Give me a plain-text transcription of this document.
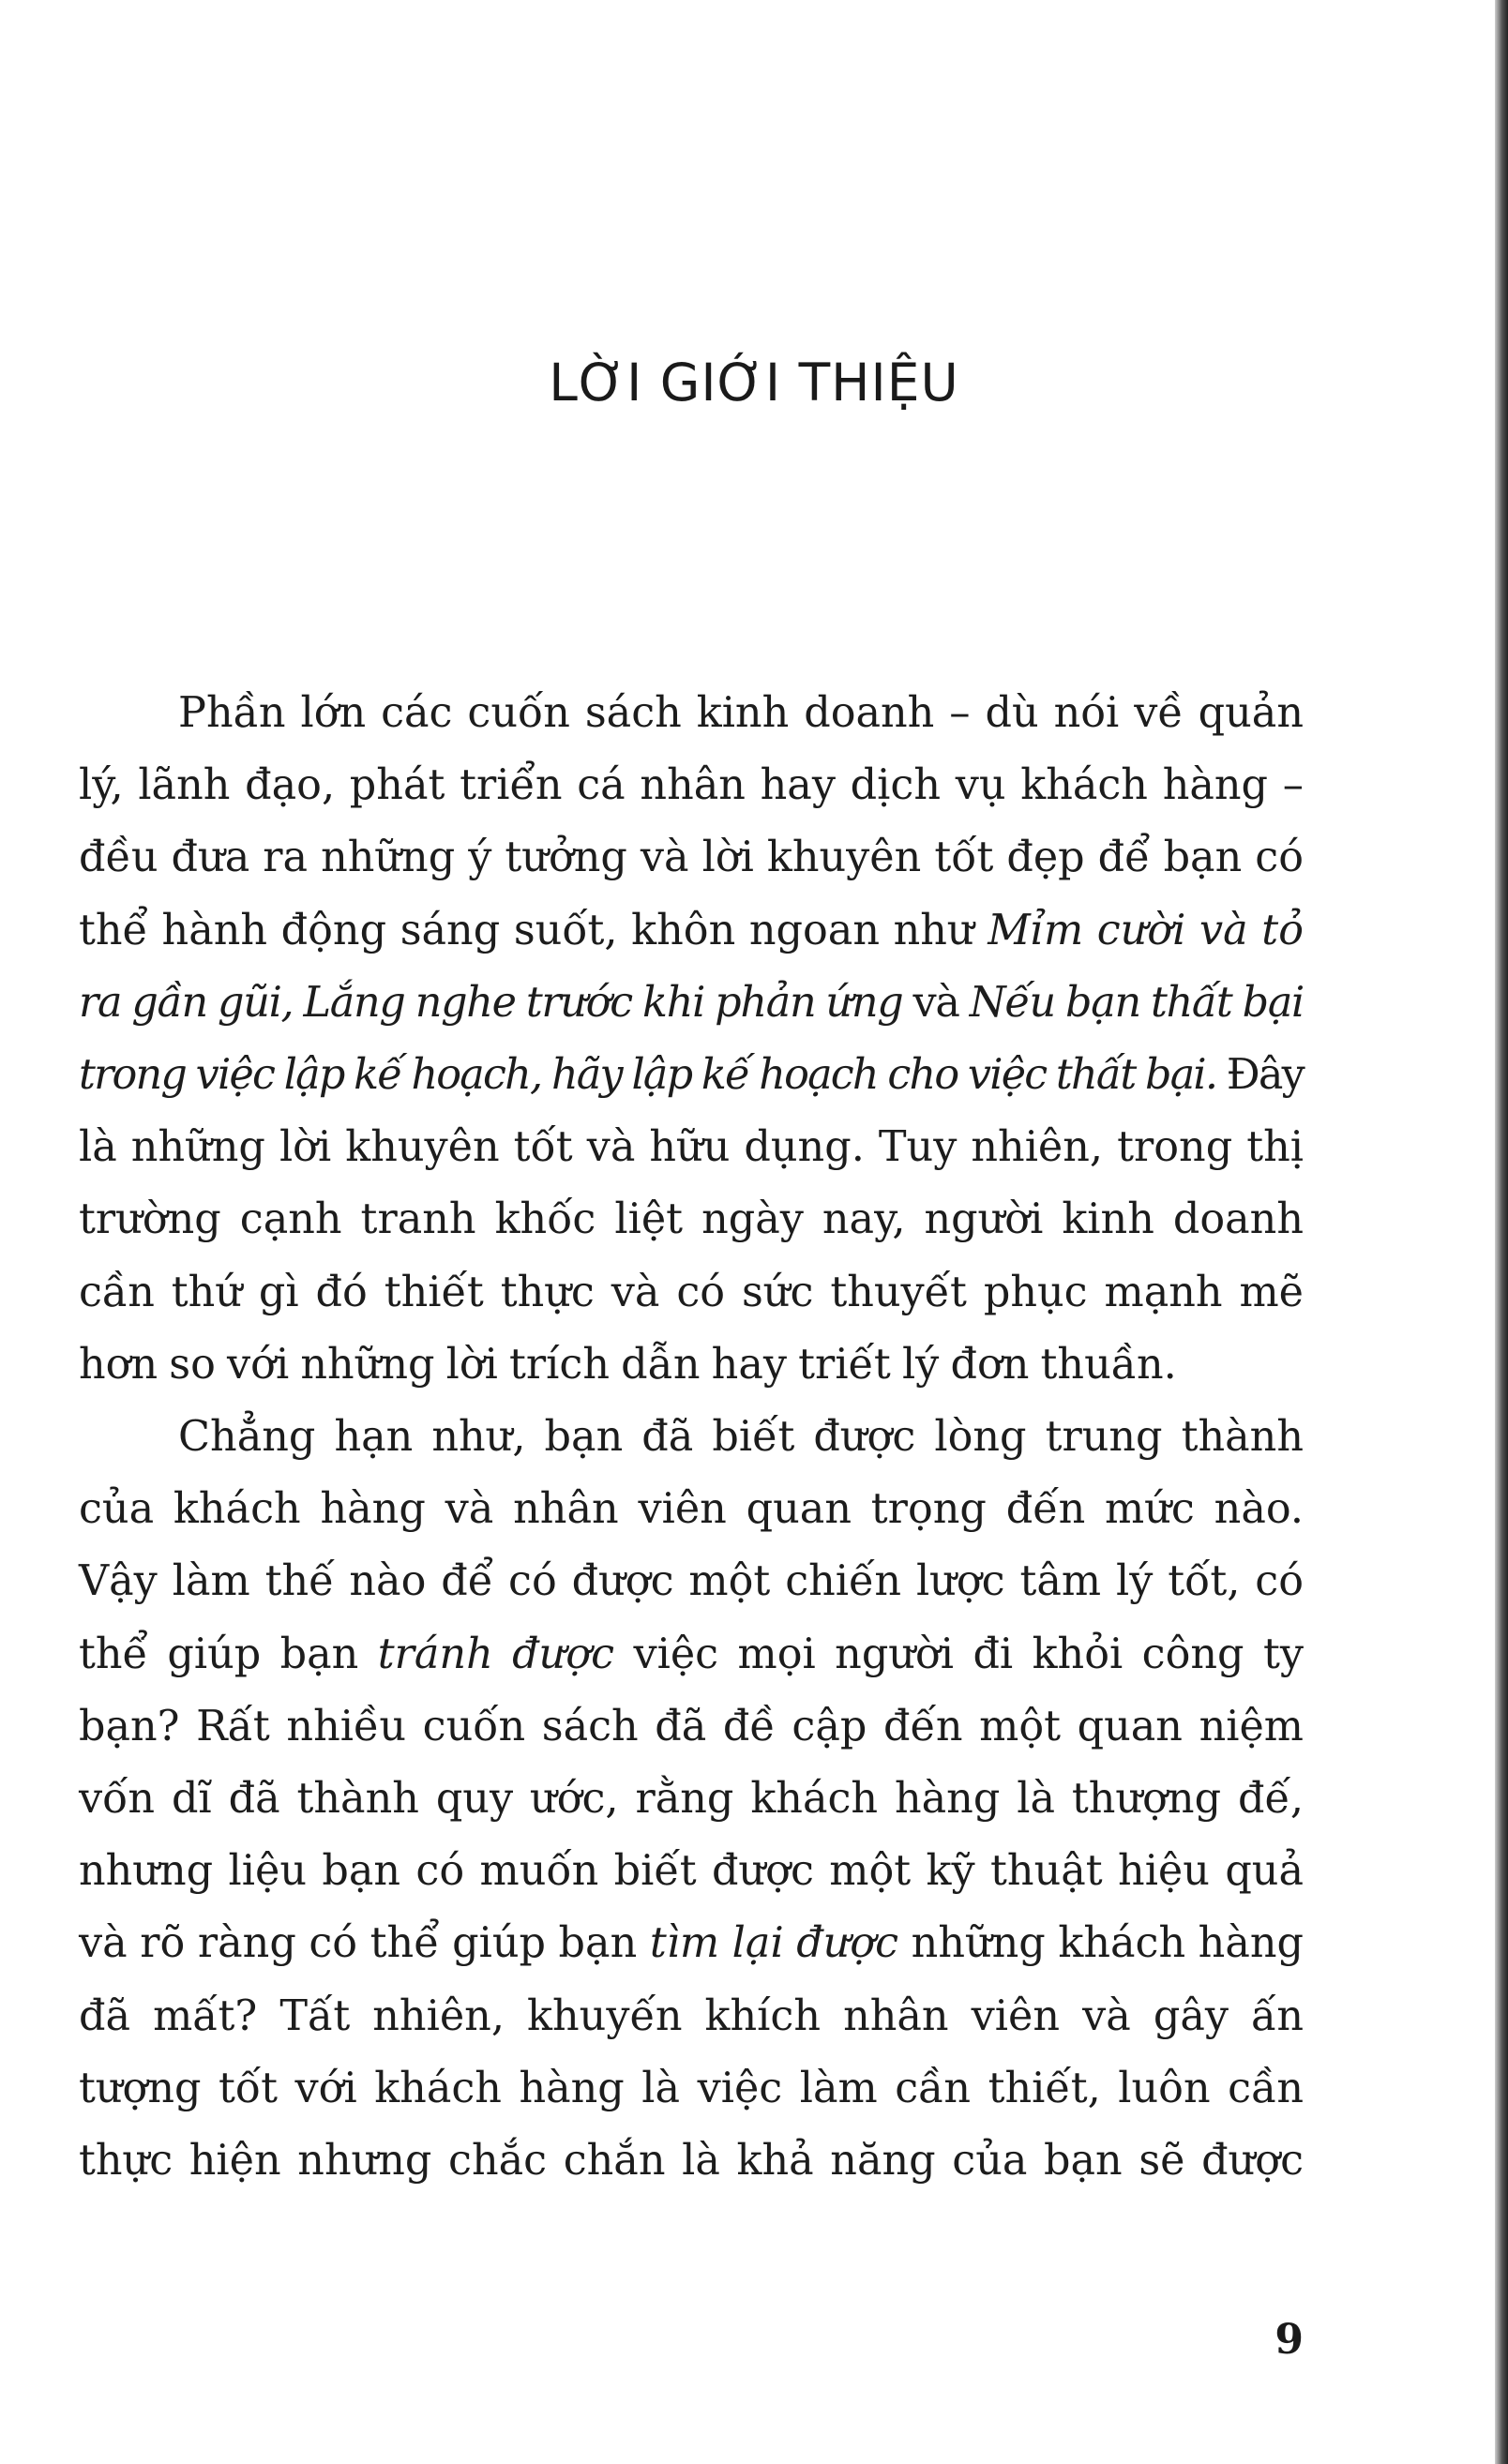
LỜI GIỚI THIỆU
Phần lớn các cuốn sách kinh doanh – dù nói về quản
lý, lãnh đạo, phát triển cá nhân hay dịch vụ khách hàng –
đều đưa ra những ý tưởng và lời khuyên tốt đẹp để bạn có
thể hành động sáng suốt, khôn ngoan như Mỉm cười và tỏ
ra gần gũi, Lắng nghe trước khi phản ứng và Nếu bạn thất bại
trong việc lập kế hoạch, hãy lập kế hoạch cho việc thất bại. Đây
là những lời khuyên tốt và hữu dụng. Tuy nhiên, trong thị
trường cạnh tranh khốc liệt ngày nay, người kinh doanh
cần thứ gì đó thiết thực và có sức thuyết phục mạnh mẽ
hơn so với những lời trích dẫn hay triết lý đơn thuần.
Chẳng hạn như, bạn đã biết được lòng trung thành
của khách hàng và nhân viên quan trọng đến mức nào.
Vậy làm thế nào để có được một chiến lược tâm lý tốt, có
thể giúp bạn tránh được việc mọi người đi khỏi công ty
bạn? Rất nhiều cuốn sách đã đề cập đến một quan niệm
vốn dĩ đã thành quy ước, rằng khách hàng là thượng đế,
nhưng liệu bạn có muốn biết được một kỹ thuật hiệu quả
và rõ ràng có thể giúp bạn tìm lại được những khách hàng
đã mất? Tất nhiên, khuyến khích nhân viên và gây ấn
tượng tốt với khách hàng là việc làm cần thiết, luôn cần
thực hiện nhưng chắc chắn là khả năng của bạn sẽ được
9
